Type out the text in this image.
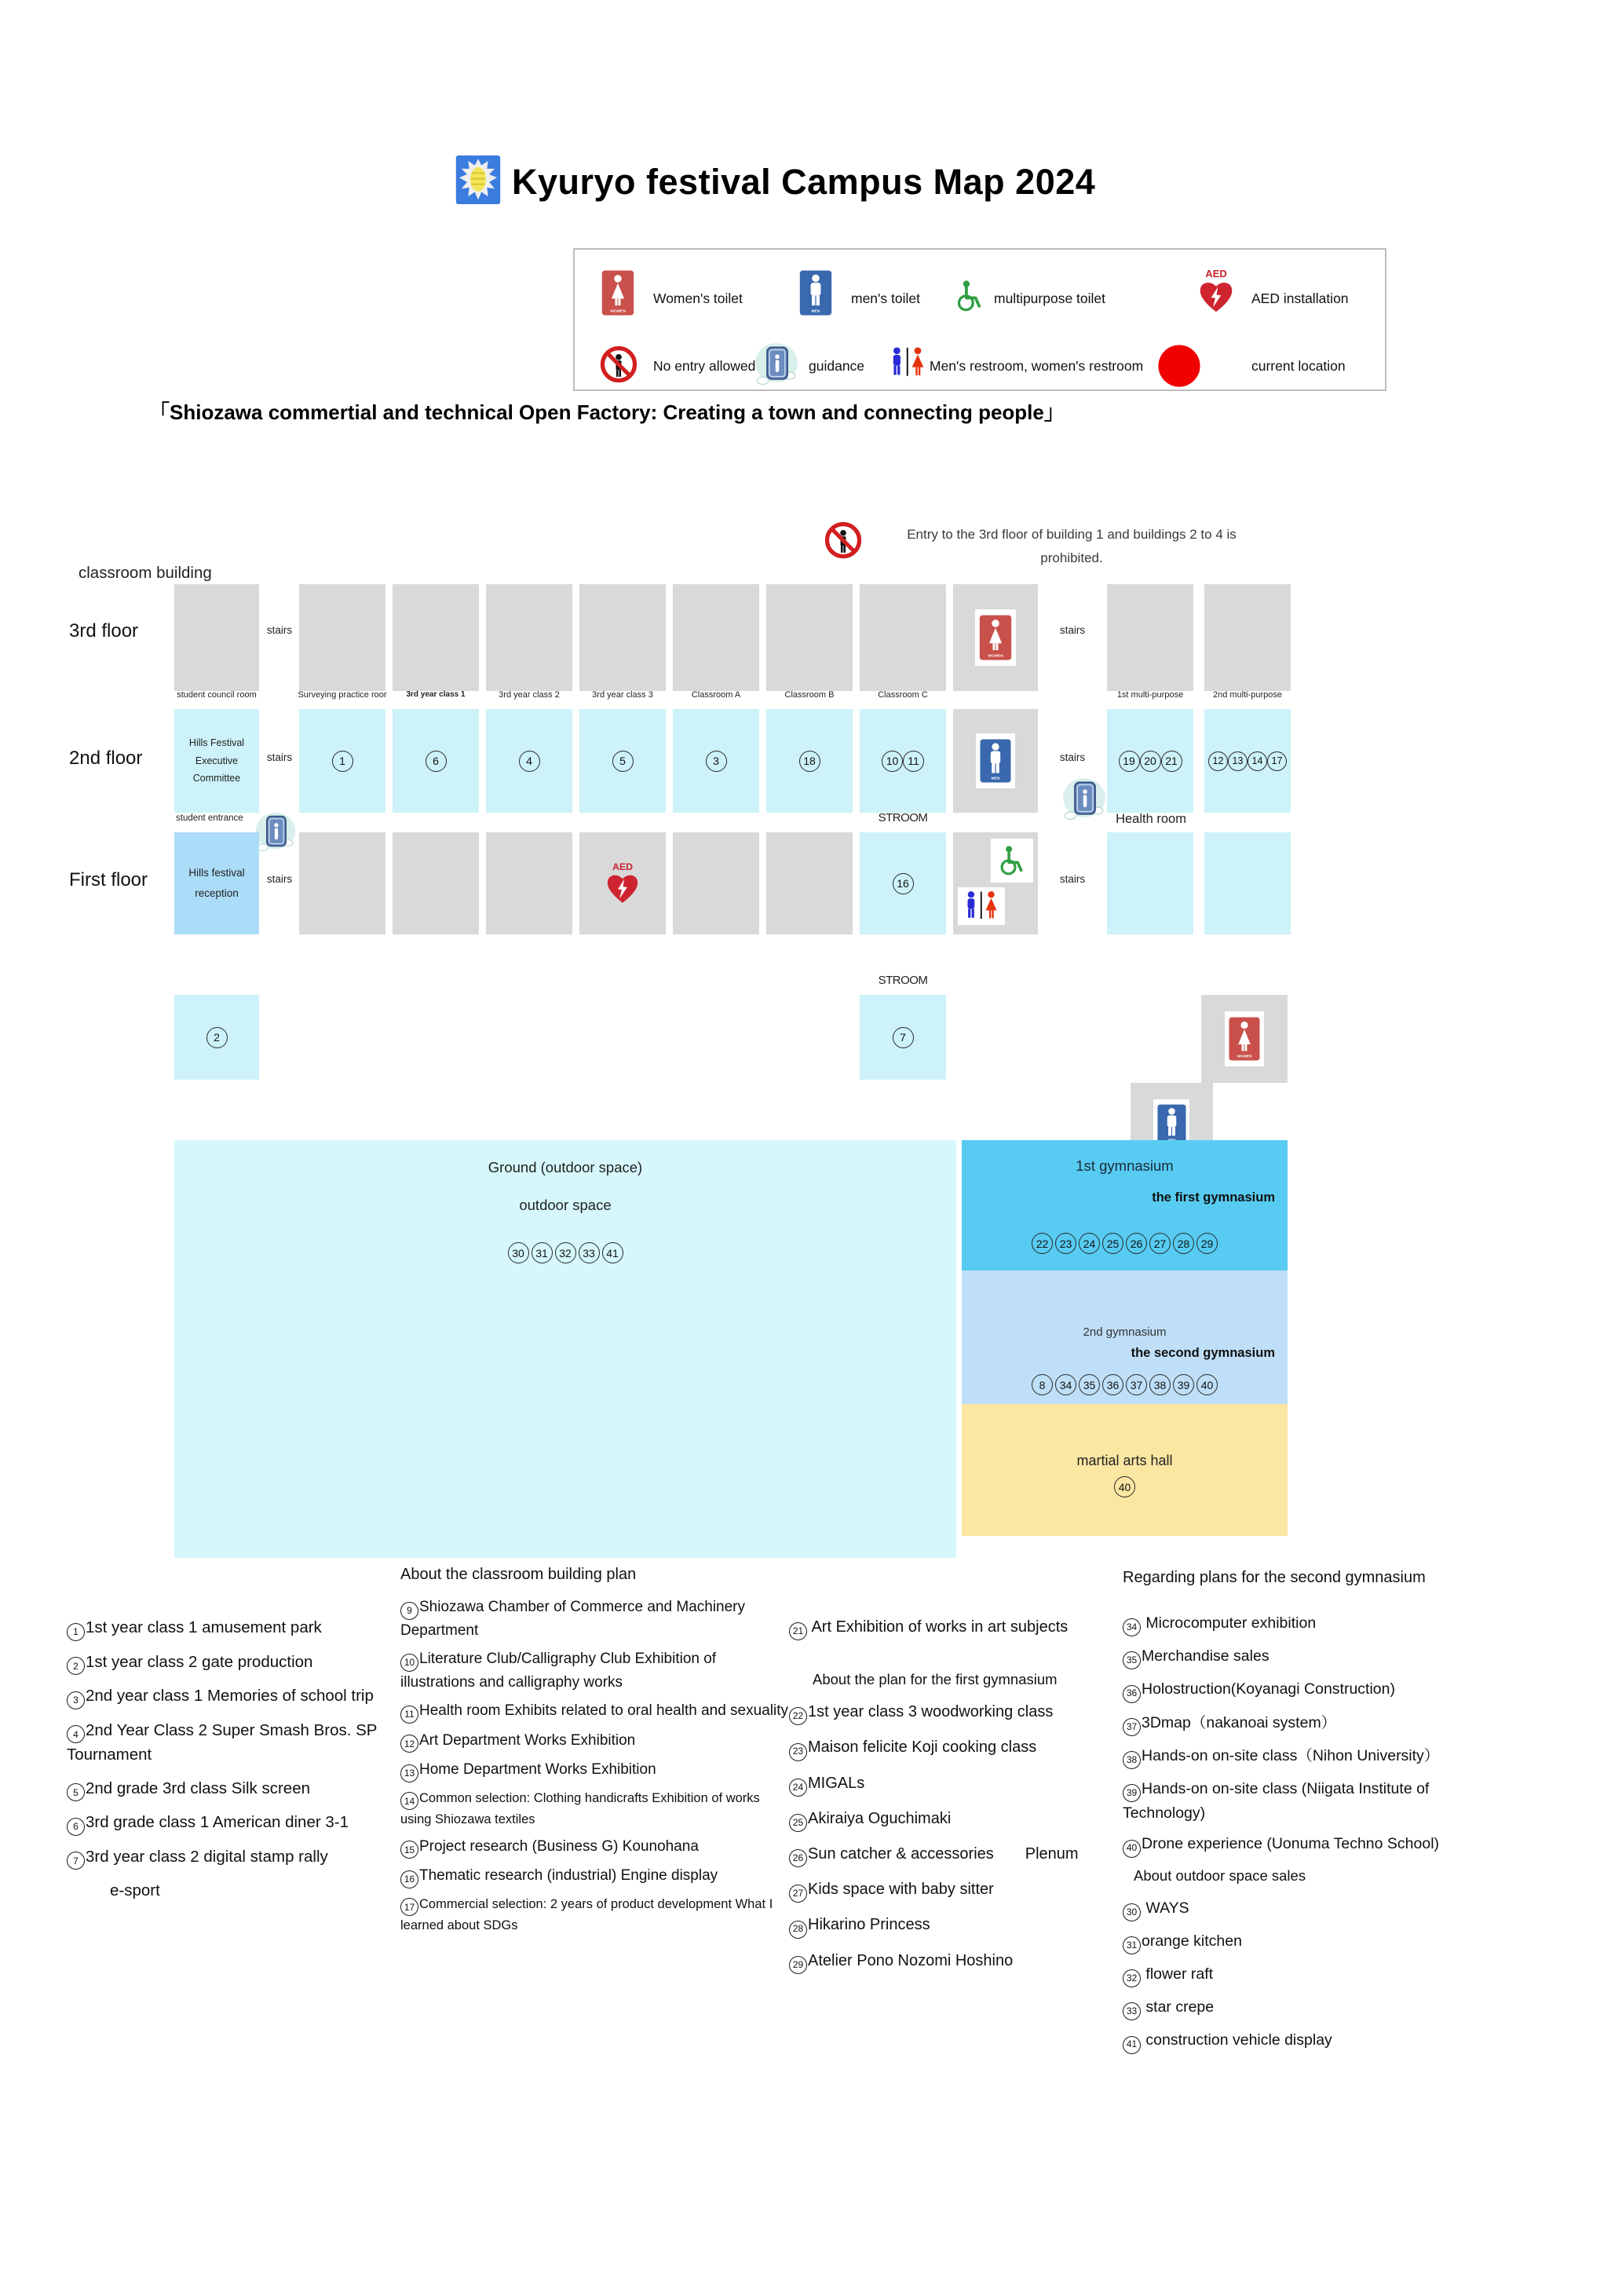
Kyuryo festival Campus Map 2024
Women's toilet	men's toilet	multipurpose toilet	AED installation
No entry allowed	guidance	Men's restroom, women's restroom	current location
「Shiozawa commertial and technical Open Factory: Creating a town and connecting people」
Entry to the 3rd floor of building 1 and buildings 2 to 4 is
prohibited.
classroom building
3rd floor
2nd floor
First floor
stairs	stairs
student council room	Surveying practice roor	3rd year class 1	3rd year class 2	3rd year class 3	Classroom A	Classroom B	Classroom C	1st multi-purpose	2nd multi-purpose
Hills Festival Executive Committee
1	6	4	5	3	18	10 11	19 20 21	12 13 14 17
stairs	stairs
student entrance	STROOM	Health room
Hills festival reception
16
stairs	stairs
STROOM
2	7
Ground (outdoor space)
outdoor space
30	31	32	33	41
1st gymnasium
the first gymnasium
22	23	24	25	26	27	28	29
2nd gymnasium
the second gymnasium
8	34	35	36	37	38	39	40
martial arts hall
40
1 1st year class 1 amusement park
2 1st year class 2 gate production
3 2nd year class 1 Memories of school trip
4 2nd Year Class 2 Super Smash Bros. SP Tournament
5 2nd grade 3rd class Silk screen
6 3rd grade class 1 American diner 3-1
7 3rd year class 2 digital stamp rally
e-sport
About the classroom building plan
9 Shiozawa Chamber of Commerce and Machinery Department
10 Literature Club/Calligraphy Club Exhibition of illustrations and calligraphy works
11 Health room Exhibits related to oral health and sexuality
12 Art Department Works Exhibition
13 Home Department Works Exhibition
14 Common selection: Clothing handicrafts Exhibition of works using Shiozawa textiles
15 Project research (Business G) Kounohana
16 Thematic research (industrial) Engine display
17 Commercial selection: 2 years of product development What I learned about SDGs
21 Art Exhibition of works in art subjects
About the plan for the first gymnasium
22 1st year class 3 woodworking class
23 Maison felicite Koji cooking class
24 MIGALs
25 Akiraiya Oguchimaki
26 Sun catcher & accessories　　Plenum
27 Kids space with baby sitter
28 Hikarino Princess
29 Atelier Pono Nozomi Hoshino
Regarding plans for the second gymnasium
34 Microcomputer exhibition
35 Merchandise sales
36 Holostruction(Koyanagi Construction)
37 3Dmap（nakanoai system）
38 Hands-on on-site class（Nihon University）
39 Hands-on on-site class (Niigata Institute of Technology)
40 Drone experience (Uonuma Techno School)
About outdoor space sales
30 WAYS
31 orange kitchen
32 flower raft
33 star crepe
41 construction vehicle display
